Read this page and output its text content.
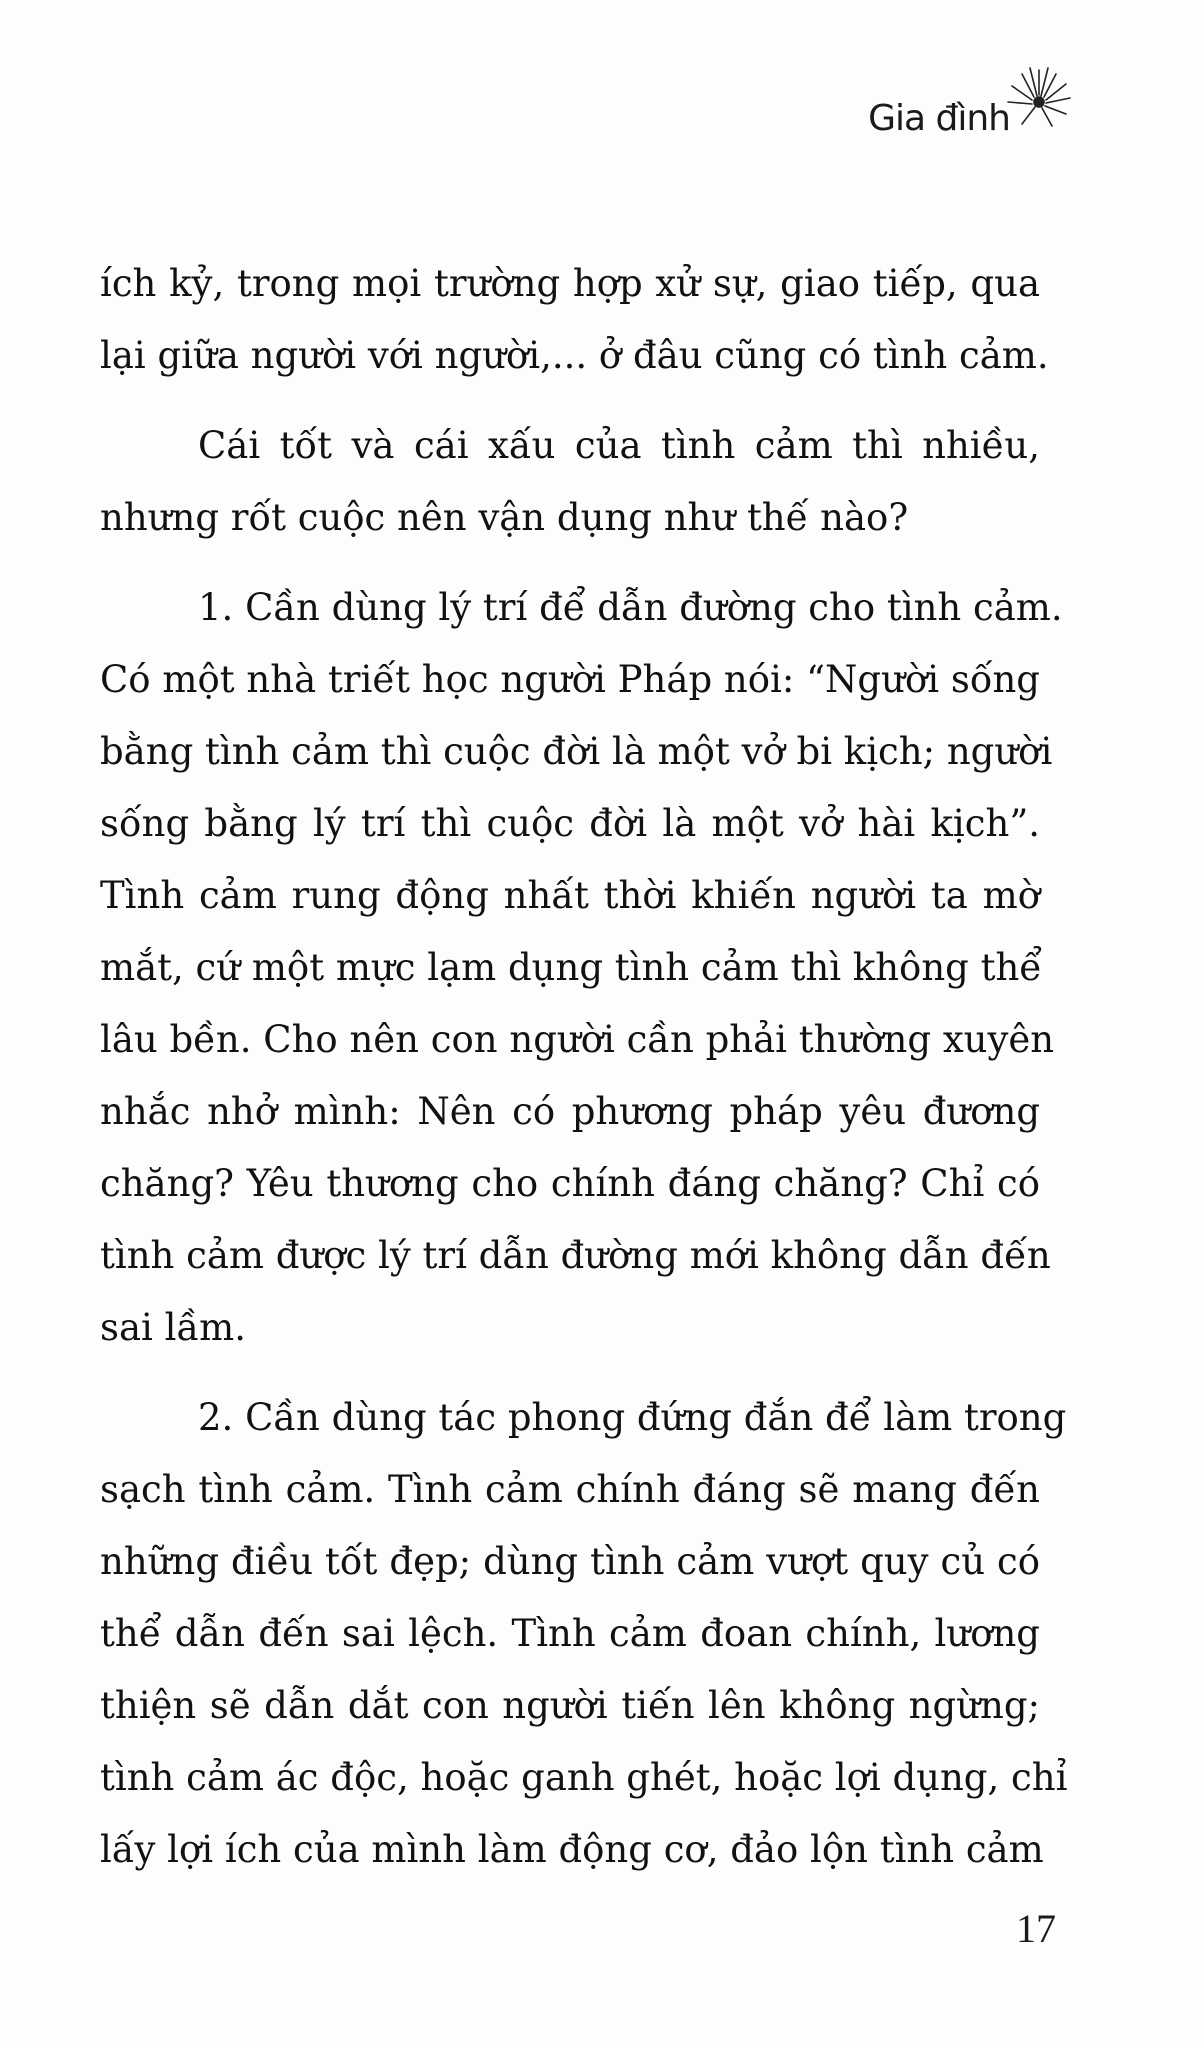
Gia đình
ích kỷ, trong mọi trường hợp xử sự, giao tiếp, qua
lại giữa người với người,... ở đâu cũng có tình cảm.
Cái tốt và cái xấu của tình cảm thì nhiều,
nhưng rốt cuộc nên vận dụng như thế nào?
1. Cần dùng lý trí để dẫn đường cho tình cảm.
Có một nhà triết học người Pháp nói: “Người sống
bằng tình cảm thì cuộc đời là một vở bi kịch; người
sống bằng lý trí thì cuộc đời là một vở hài kịch”.
Tình cảm rung động nhất thời khiến người ta mờ
mắt, cứ một mực lạm dụng tình cảm thì không thể
lâu bền. Cho nên con người cần phải thường xuyên
nhắc nhở mình: Nên có phương pháp yêu đương
chăng? Yêu thương cho chính đáng chăng? Chỉ có
tình cảm được lý trí dẫn đường mới không dẫn đến
sai lầm.
2. Cần dùng tác phong đứng đắn để làm trong
sạch tình cảm. Tình cảm chính đáng sẽ mang đến
những điều tốt đẹp; dùng tình cảm vượt quy củ có
thể dẫn đến sai lệch. Tình cảm đoan chính, lương
thiện sẽ dẫn dắt con người tiến lên không ngừng;
tình cảm ác độc, hoặc ganh ghét, hoặc lợi dụng, chỉ
lấy lợi ích của mình làm động cơ, đảo lộn tình cảm
17
